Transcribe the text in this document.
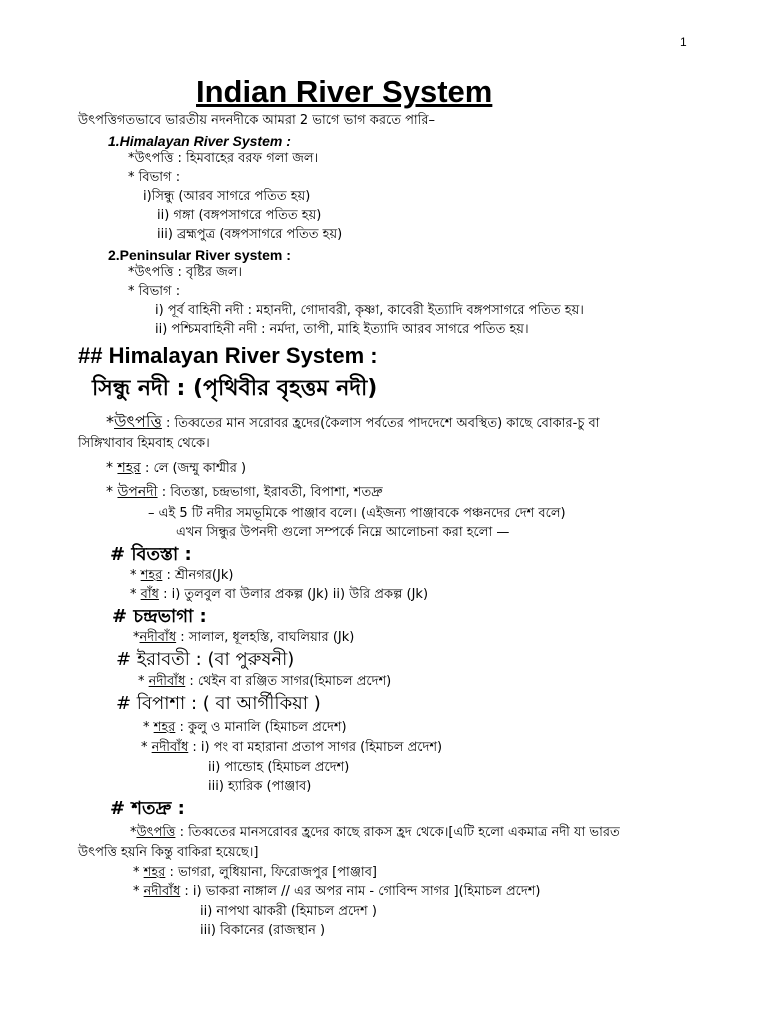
1
Indian River System
উৎপত্তিগতভাবে ভারতীয় নদনদীকে আমরা 2 ভাগে ভাগ করতে পারি–
1.Himalayan River System :
*উৎপত্তি : হিমবাহের বরফ গলা জল।
* বিভাগ :
i)সিন্ধু (আরব সাগরে পতিত হয়)
ii) গঙ্গা (বঙ্গপসাগরে পতিত হয়)
iii) ব্রহ্মপুত্র (বঙ্গপসাগরে পতিত হয়)
2.Peninsular River system :
*উৎপত্তি : বৃষ্টির জল।
* বিভাগ :
i) পূর্ব বাহিনী নদী : মহানদী, গোদাবরী, কৃষ্ণা, কাবেরী ইত্যাদি বঙ্গপসাগরে পতিত হয়।
ii) পশ্চিমবাহিনী নদী : নর্মদা, তাপী, মাহি ইত্যাদি আরব সাগরে পতিত হয়।
## Himalayan River System :
সিন্ধু নদী : (পৃথিবীর বৃহত্তম নদী)
*উৎপত্তি : তিব্বতের মান সরোবর হ্রদের(কৈলাস পর্বতের পাদদেশে অবস্থিত) কাছে বোকার-চু বা
সিঙ্গিখাবাব হিমবাহ থেকে।
* শহর : লে (জম্মু কাশ্মীর )
* উপনদী : বিতস্তা, চন্দ্রভাগা, ইরাবতী, বিপাশা, শতদ্রু
– এই 5 টি নদীর সমভূমিকে পাঞ্জাব বলে। (এইজন্য পাঞ্জাবকে পঞ্চনদের দেশ বলে)
এখন সিন্ধুর উপনদী গুলো সম্পর্কে নিম্নে আলোচনা করা হলো —
# বিতস্তা :
* শহর : শ্রীনগর(Jk)
* বাঁধ : i) তুলবুল বা উলার প্রকল্প (Jk) ii) উরি প্রকল্প (Jk)
# চন্দ্রভাগা :
*নদীবাঁধ : সালাল, ধূলহস্তি, বাঘলিয়ার (Jk)
# ইরাবতী : (বা পুরুষনী)
* নদীবাঁধ : থেইন বা রঞ্জিত সাগর(হিমাচল প্রদেশ)
# বিপাশা : ( বা আর্গীকিয়া )
* শহর : কুলু ও মানালি (হিমাচল প্রদেশ)
* নদীবাঁধ : i) পং বা মহারানা প্রতাপ সাগর (হিমাচল প্রদেশ)
ii) পান্ডোহ (হিমাচল প্রদেশ)
iii) হ্যারিক (পাঞ্জাব)
# শতদ্রু :
*উৎপত্তি : তিব্বতের মানসরোবর হ্রদের কাছে রাকস হ্রদ থেকে।[এটি হলো একমাত্র নদী যা ভারত
উৎপত্তি হয়নি কিন্তু বাকিরা হয়েছে।]
* শহর : ভাগরা, লুধিয়ানা, ফিরোজপুর [পাঞ্জাব]
* নদীবাঁধ : i) ভাকরা নাঙ্গাল // এর অপর নাম - গোবিন্দ সাগর ](হিমাচল প্রদেশ)
ii) নাপথা ঝাকরী (হিমাচল প্রদেশ )
iii) বিকানের (রাজস্থান )
